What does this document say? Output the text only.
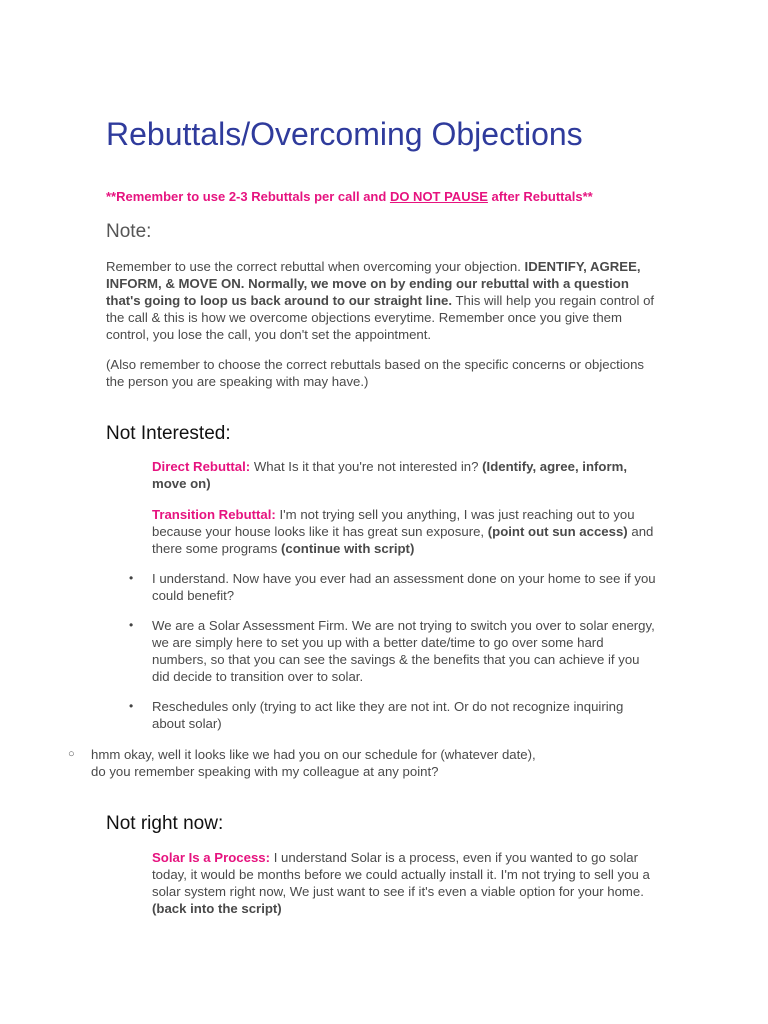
Rebuttals/Overcoming Objections
**Remember to use 2-3 Rebuttals per call and DO NOT PAUSE after Rebuttals**
Note:
Remember to use the correct rebuttal when overcoming your objection. IDENTIFY, AGREE, INFORM, & MOVE ON. Normally, we move on by ending our rebuttal with a question that's going to loop us back around to our straight line. This will help you regain control of the call & this is how we overcome objections everytime. Remember once you give them control, you lose the call, you don't set the appointment.
(Also remember to choose the correct rebuttals based on the specific concerns or objections the person you are speaking with may have.)
Not Interested:
Direct Rebuttal: What Is it that you're not interested in? (Identify, agree, inform, move on)
Transition Rebuttal: I'm not trying sell you anything, I was just reaching out to you because your house looks like it has great sun exposure, (point out sun access) and there some programs (continue with script)
• I understand. Now have you ever had an assessment done on your home to see if you could benefit?
• We are a Solar Assessment Firm. We are not trying to switch you over to solar energy, we are simply here to set you up with a better date/time to go over some hard numbers, so that you can see the savings & the benefits that you can achieve if you did decide to transition over to solar.
• Reschedules only (trying to act like they are not int. Or do not recognize inquiring about solar)
Not right now:
Solar Is a Process: I understand Solar is a process, even if you wanted to go solar today, it would be months before we could actually install it. I'm not trying to sell you a solar system right now, We just want to see if it's even a viable option for your home. (back into the script)
○ hmm okay, well it looks like we had you on our schedule for (whatever date), do you remember speaking with my colleague at any point?
